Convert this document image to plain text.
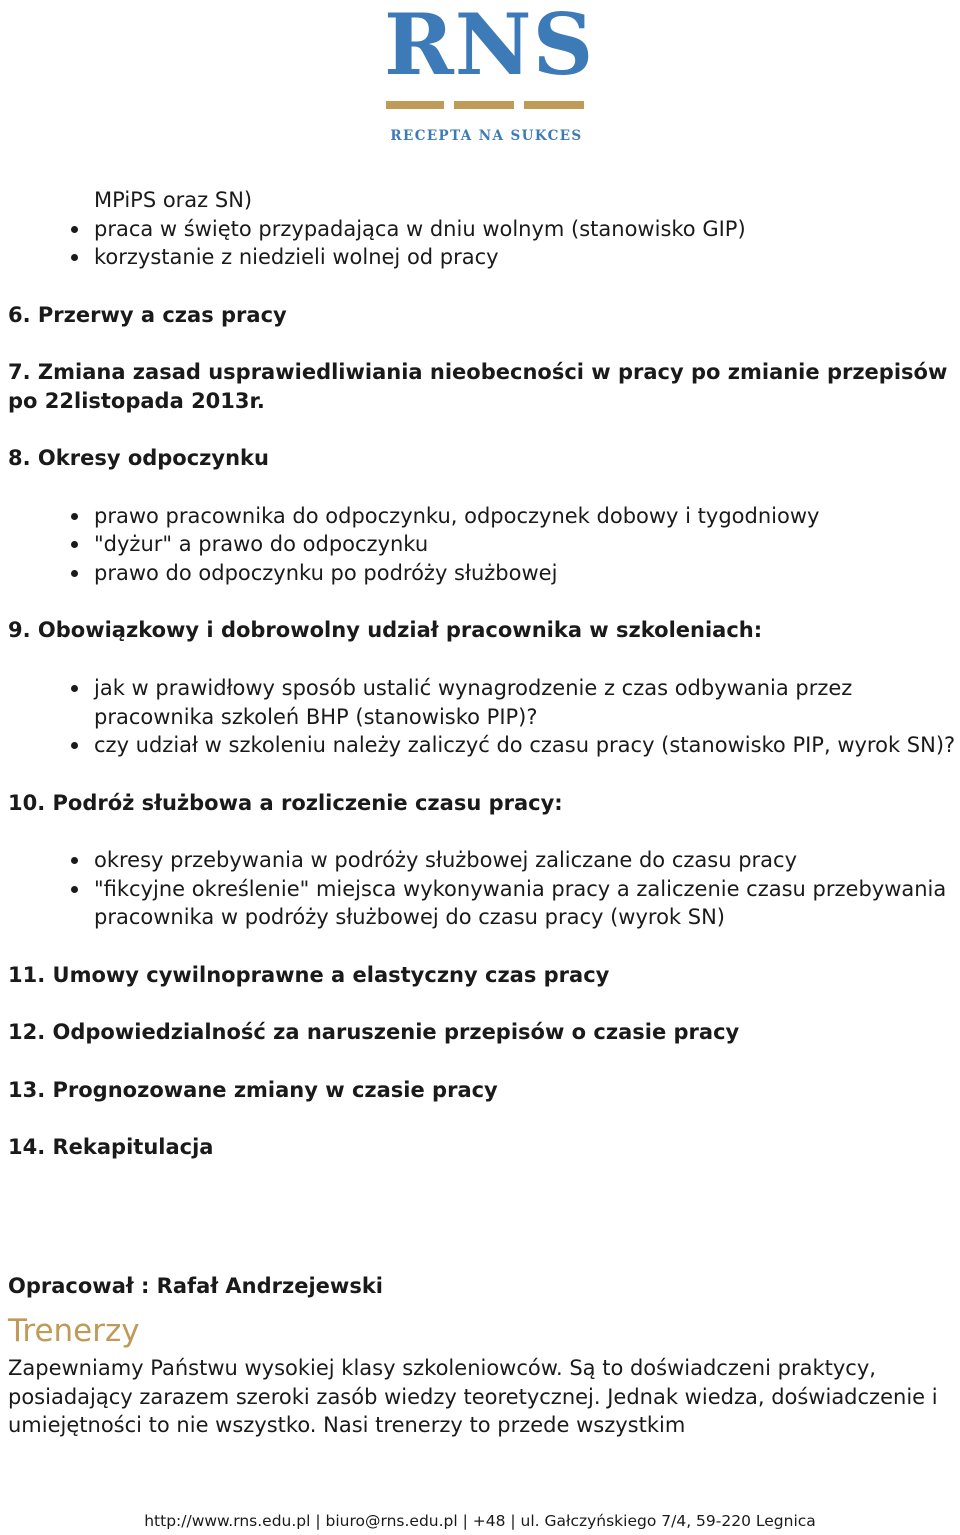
RNS
RECEPTA NA SUKCES
MPiPS oraz SN)
praca w święto przypadająca w dniu wolnym (stanowisko GIP)
korzystanie z niedzieli wolnej od pracy
6. Przerwy a czas pracy
7. Zmiana zasad usprawiedliwiania nieobecności w pracy po zmianie przepisów po 22listopada 2013r.
8. Okresy odpoczynku
prawo pracownika do odpoczynku, odpoczynek dobowy i tygodniowy
"dyżur" a prawo do odpoczynku
prawo do odpoczynku po podróży służbowej
9. Obowiązkowy i dobrowolny udział pracownika w szkoleniach:
jak w prawidłowy sposób ustalić wynagrodzenie z czas odbywania przez pracownika szkoleń BHP (stanowisko PIP)?
czy udział w szkoleniu należy zaliczyć do czasu pracy (stanowisko PIP, wyrok SN)?
10. Podróż służbowa a rozliczenie czasu pracy:
okresy przebywania w podróży służbowej zaliczane do czasu pracy
"fikcyjne określenie" miejsca wykonywania pracy a zaliczenie czasu przebywania pracownika w podróży służbowej do czasu pracy (wyrok SN)
11. Umowy cywilnoprawne a elastyczny czas pracy
12. Odpowiedzialność za naruszenie przepisów o czasie pracy
13. Prognozowane zmiany w czasie pracy
14. Rekapitulacja
Opracował : Rafał Andrzejewski
Trenerzy
Zapewniamy Państwu wysokiej klasy szkoleniowców. Są to doświadczeni praktycy, posiadający zarazem szeroki zasób wiedzy teoretycznej. Jednak wiedza, doświadczenie i umiejętności to nie wszystko. Nasi trenerzy to przede wszystkim
http://www.rns.edu.pl | biuro@rns.edu.pl | +48 | ul. Gałczyńskiego 7/4, 59-220 Legnica
